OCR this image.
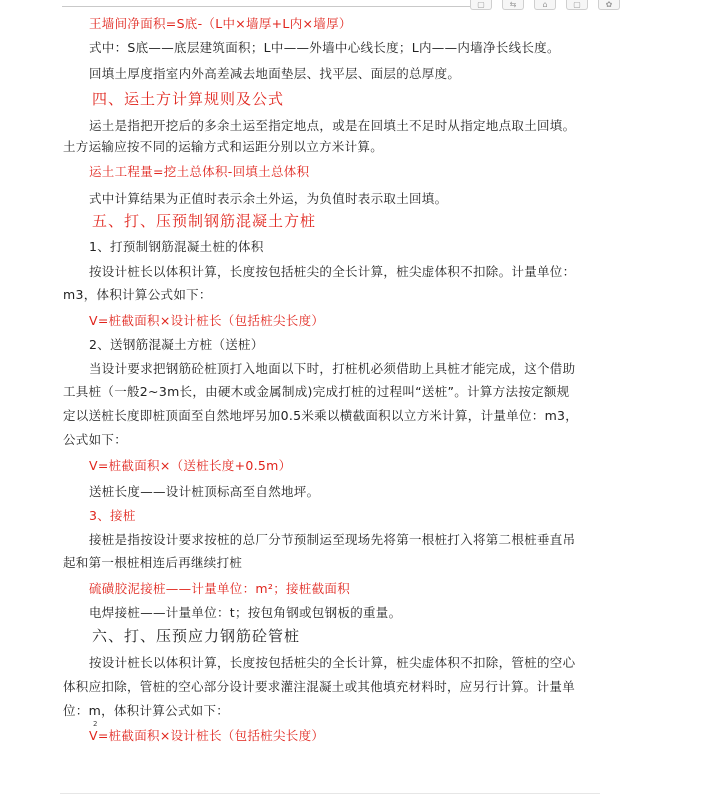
▢	⇆	⌂	▢	✿
王墙间净面积=S底-（L中×墙厚+L内×墙厚）
式中：S底——底层建筑面积；L中——外墙中心线长度；L内——内墙净长线长度。
回填土厚度指室内外高差减去地面垫层、找平层、面层的总厚度。
四、运土方计算规则及公式
运土是指把开挖后的多余土运至指定地点，或是在回填土不足时从指定地点取土回填。
土方运输应按不同的运输方式和运距分别以立方米计算。
运土工程量=挖土总体积-回填土总体积
式中计算结果为正值时表示余土外运，为负值时表示取土回填。
五、打、压预制钢筋混凝土方桩
1、打预制钢筋混凝土桩的体积
按设计桩长以体积计算，长度按包括桩尖的全长计算，桩尖虚体积不扣除。计量单位：
m3，体积计算公式如下：
V=桩截面积×设计桩长（包括桩尖长度）
2、送钢筋混凝土方桩（送桩）
当设计要求把钢筋砼桩顶打入地面以下时，打桩机必须借助上具桩才能完成，这个借助
工具桩（一般2~3m长，由硬木或金属制成)完成打桩的过程叫“送桩”。计算方法按定额规
定以送桩长度即桩顶面至自然地坪另加0.5米乘以横截面积以立方米计算，计量单位：m3，
公式如下：
V=桩截面积×（送桩长度+0.5m）
送桩长度——设计桩顶标高至自然地坪。
3、接桩
接桩是指按设计要求按桩的总厂分节预制运至现场先将第一根桩打入将第二根桩垂直吊
起和第一根桩相连后再继续打桩
硫磺胶泥接桩——计量单位：m²；接桩截面积
电焊接桩——计量单位：t；按包角钢或包钢板的重量。
六、打、压预应力钢筋砼管桩
按设计桩长以体积计算，长度按包括桩尖的全长计算，桩尖虚体积不扣除，管桩的空心
体积应扣除，管桩的空心部分设计要求灌注混凝土或其他填充材料时，应另行计算。计量单
位：m，体积计算公式如下：
2
V=桩截面积×设计桩长（包括桩尖长度）
